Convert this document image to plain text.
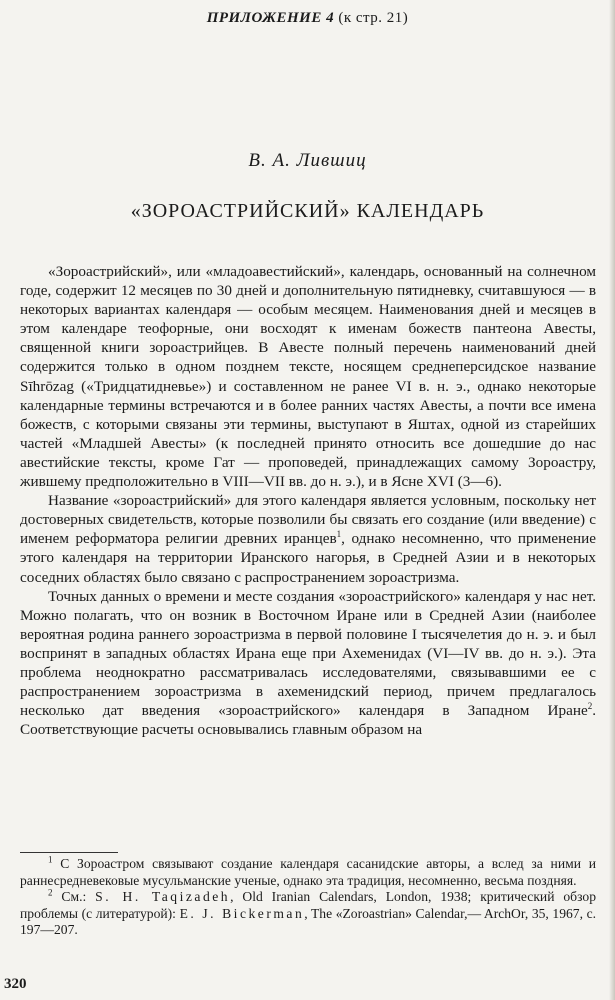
ПРИЛОЖЕНИЕ 4 (к стр. 21)
В. А. Лившиц
«ЗОРОАСТРИЙСКИЙ» КАЛЕНДАРЬ

«Зороастрийский», или «младоавестийский», календарь, основанный на солнечном годе, содержит 12 месяцев по 30 дней и дополнительную пятидневку, считавшуюся — в некоторых вариантах календаря — особым месяцем. Наименования дней и месяцев в этом календаре теофорные, они восходят к именам божеств пантеона Авесты, священной книги зороастрийцев. В Авесте полный перечень наименований дней содержится только в одном позднем тексте, носящем среднеперсидское название Sīhrōzag («Тридцатидневье») и составленном не ранее VI в. н. э., однако некоторые календарные термины встречаются и в более ранних частях Авесты, а почти все имена божеств, с которыми связаны эти термины, выступают в Яштах, одной из старейших частей «Младшей Авесты» (к последней принято относить все дошедшие до нас авестийские тексты, кроме Гат — проповедей, принадлежащих самому Зороастру, жившему предположительно в VIII—VII вв. до н. э.), и в Ясне XVI (3—6).

Название «зороастрийский» для этого календаря является условным, поскольку нет достоверных свидетельств, которые позволили бы связать его создание (или введение) с именем реформатора религии древних иранцев$^1$, однако несомненно, что применение этого календаря на территории Иранского нагорья, в Средней Азии и в некоторых соседних областях было связано с распространением зороастризма.

Точных данных о времени и месте создания «зороастрийского» календаря у нас нет. Можно полагать, что он возник в Восточном Иране или в Средней Азии (наиболее вероятная родина раннего зороастризма в первой половине I тысячелетия до н. э. и был воспринят в западных областях Ирана еще при Ахеменидах (VI—IV вв. до н. э.). Эта проблема неоднократно рассматривалась исследователями, связывавшими ее с распространением зороастризма в ахеменидский период, причем предлагалось несколько дат введения «зороастрийского» календаря в Западном Иране$^2$. Соответствующие расчеты основывались главным образом на

$^1$ С Зороастром связывают создание календаря сасанидские авторы, а вслед за ними и раннесредневековые мусульманские ученые, однако эта традиция, несомненно, весьма поздняя.

$^2$ См.: S. H. Taqizadeh, Old Iranian Calendars, London, 1938; критический обзор проблемы (с литературой): E. J. Bickerman, The «Zoroastrian» Calendar,— ArchOr, 35, 1967, с. 197—207.

320
